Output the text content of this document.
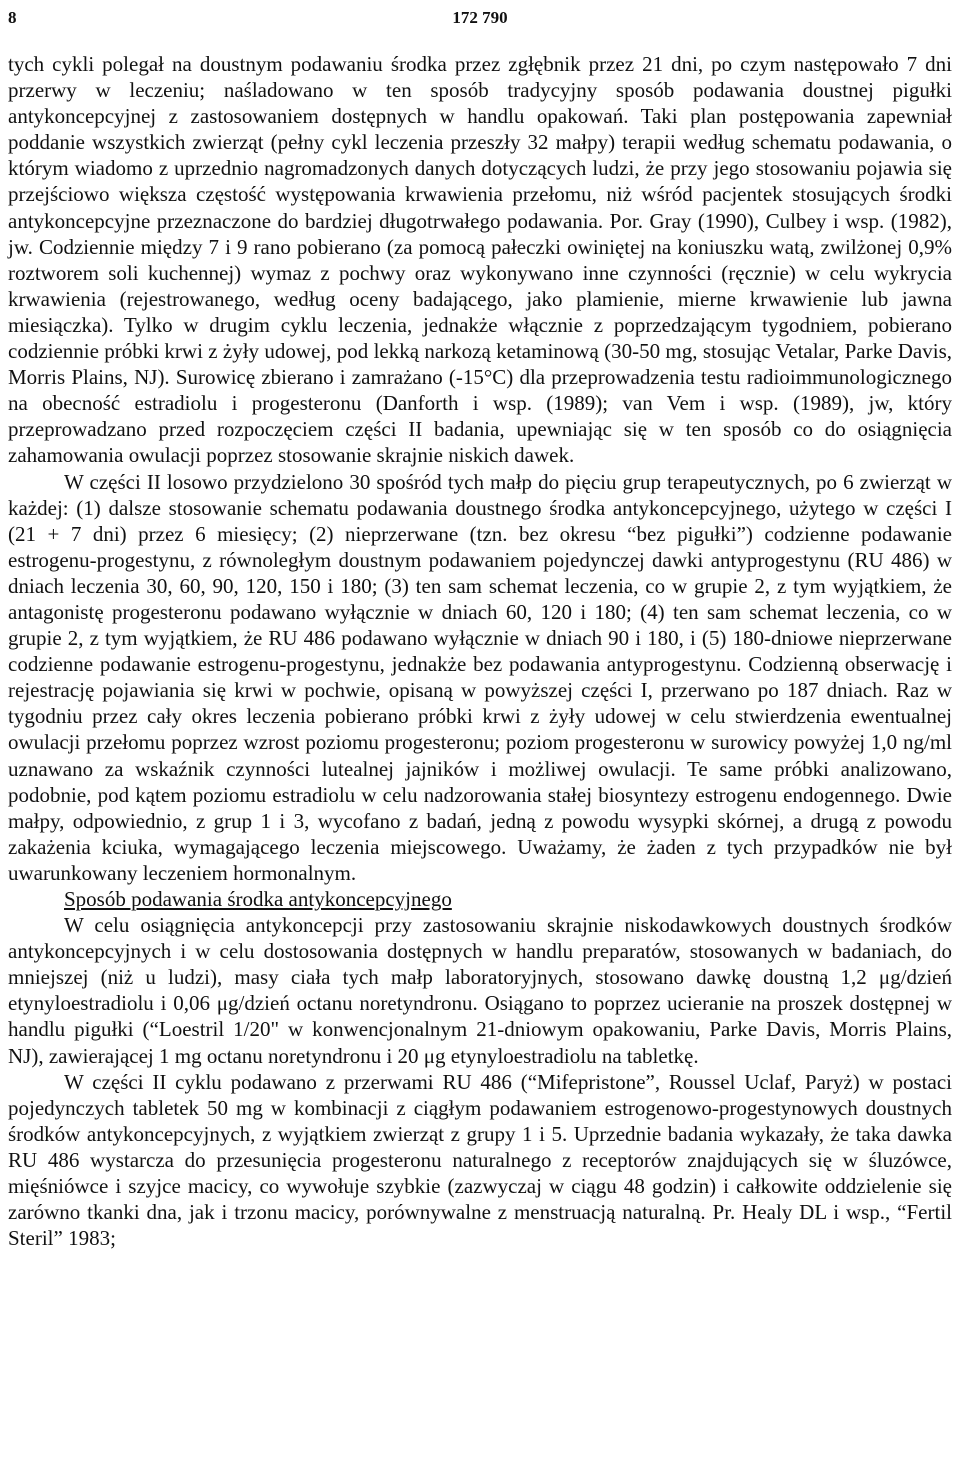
8	172 790

tych cykli polegał na doustnym podawaniu środka przez zgłębnik przez 21 dni, po czym następowało 7 dni przerwy w leczeniu; naśladowano w ten sposób tradycyjny sposób podawania doustnej pigułki antykoncepcyjnej z zastosowaniem dostępnych w handlu opakowań. Taki plan postępowania zapewniał poddanie wszystkich zwierząt (pełny cykl leczenia przeszły 32 małpy) terapii według schematu podawania, o którym wiadomo z uprzednio nagromadzonych danych dotyczących ludzi, że przy jego stosowaniu pojawia się przejściowo większa częstość występowania krwawienia przełomu, niż wśród pacjentek stosujących środki antykoncepcyjne przeznaczone do bardziej długotrwałego podawania. Por. Gray (1990), Culbey i wsp. (1982), jw. Codziennie między 7 i 9 rano pobierano (za pomocą pałeczki owiniętej na koniuszku watą, zwilżonej 0,9% roztworem soli kuchennej) wymaz z pochwy oraz wykonywano inne czynności (ręcznie) w celu wykrycia krwawienia (rejestrowanego, według oceny badającego, jako plamienie, mierne krwawienie lub jawna miesiączka). Tylko w drugim cyklu leczenia, jednakże włącznie z poprzedzającym tygodniem, pobierano codziennie próbki krwi z żyły udowej, pod lekką narkozą ketaminową (30-50 mg, stosując Vetalar, Parke Davis, Morris Plains, NJ). Surowicę zbierano i zamrażano (-15°C) dla przeprowadzenia testu radioimmunologicznego na obecność estradiolu i progesteronu (Danforth i wsp. (1989); van Vem i wsp. (1989), jw, który przeprowadzano przed rozpoczęciem części II badania, upewniając się w ten sposób co do osiągnięcia zahamowania owulacji poprzez stosowanie skrajnie niskich dawek.

W części II losowo przydzielono 30 spośród tych małp do pięciu grup terapeutycznych, po 6 zwierząt w każdej: (1) dalsze stosowanie schematu podawania doustnego środka antykoncepcyjnego, użytego w części I (21 + 7 dni) przez 6 miesięcy; (2) nieprzerwane (tzn. bez okresu “bez pigułki”) codzienne podawanie estrogenu-progestynu, z równoległym doustnym podawaniem pojedynczej dawki antyprogestynu (RU 486) w dniach leczenia 30, 60, 90, 120, 150 i 180; (3) ten sam schemat leczenia, co w grupie 2, z tym wyjątkiem, że antagonistę progesteronu podawano wyłącznie w dniach 60, 120 i 180; (4) ten sam schemat leczenia, co w grupie 2, z tym wyjątkiem, że RU 486 podawano wyłącznie w dniach 90 i 180, i (5) 180-dniowe nieprzerwane codzienne podawanie estrogenu-progestynu, jednakże bez podawania antyprogestynu. Codzienną obserwację i rejestrację pojawiania się krwi w pochwie, opisaną w powyższej części I, przerwano po 187 dniach. Raz w tygodniu przez cały okres leczenia pobierano próbki krwi z żyły udowej w celu stwierdzenia ewentualnej owulacji przełomu poprzez wzrost poziomu progesteronu; poziom progesteronu w surowicy powyżej 1,0 ng/ml uznawano za wskaźnik czynności lutealnej jajników i możliwej owulacji. Te same próbki analizowano, podobnie, pod kątem poziomu estradiolu w celu nadzorowania stałej biosyntezy estrogenu endogennego. Dwie małpy, odpowiednio, z grup 1 i 3, wycofano z badań, jedną z powodu wysypki skórnej, a drugą z powodu zakażenia kciuka, wymagającego leczenia miejscowego. Uważamy, że żaden z tych przypadków nie był uwarunkowany leczeniem hormonalnym.

Sposób podawania środka antykoncepcyjnego

W celu osiągnięcia antykoncepcji przy zastosowaniu skrajnie niskodawkowych doustnych środków antykoncepcyjnych i w celu dostosowania dostępnych w handlu preparatów, stosowanych w badaniach, do mniejszej (niż u ludzi), masy ciała tych małp laboratoryjnych, stosowano dawkę doustną 1,2 μg/dzień etynyloestradiolu i 0,06 μg/dzień octanu noretyndronu. Osiągano to poprzez ucieranie na proszek dostępnej w handlu pigułki (“Loestril 1/20" w konwencjonalnym 21-dniowym opakowaniu, Parke Davis, Morris Plains, NJ), zawierającej 1 mg octanu noretyndronu i 20 μg etynyloestradiolu na tabletkę.

W części II cyklu podawano z przerwami RU 486 (“Mifepristone”, Roussel Uclaf, Paryż) w postaci pojedynczych tabletek 50 mg w kombinacji z ciągłym podawaniem estrogenowo-progestynowych doustnych środków antykoncepcyjnych, z wyjątkiem zwierząt z grupy 1 i 5. Uprzednie badania wykazały, że taka dawka RU 486 wystarcza do przesunięcia progesteronu naturalnego z receptorów znajdujących się w śluzówce, mięśniówce i szyjce macicy, co wywołuje szybkie (zazwyczaj w ciągu 48 godzin) i całkowite oddzielenie się zarówno tkanki dna, jak i trzonu macicy, porównywalne z menstruacją naturalną. Pr. Healy DL i wsp., “Fertil Steril” 1983;
